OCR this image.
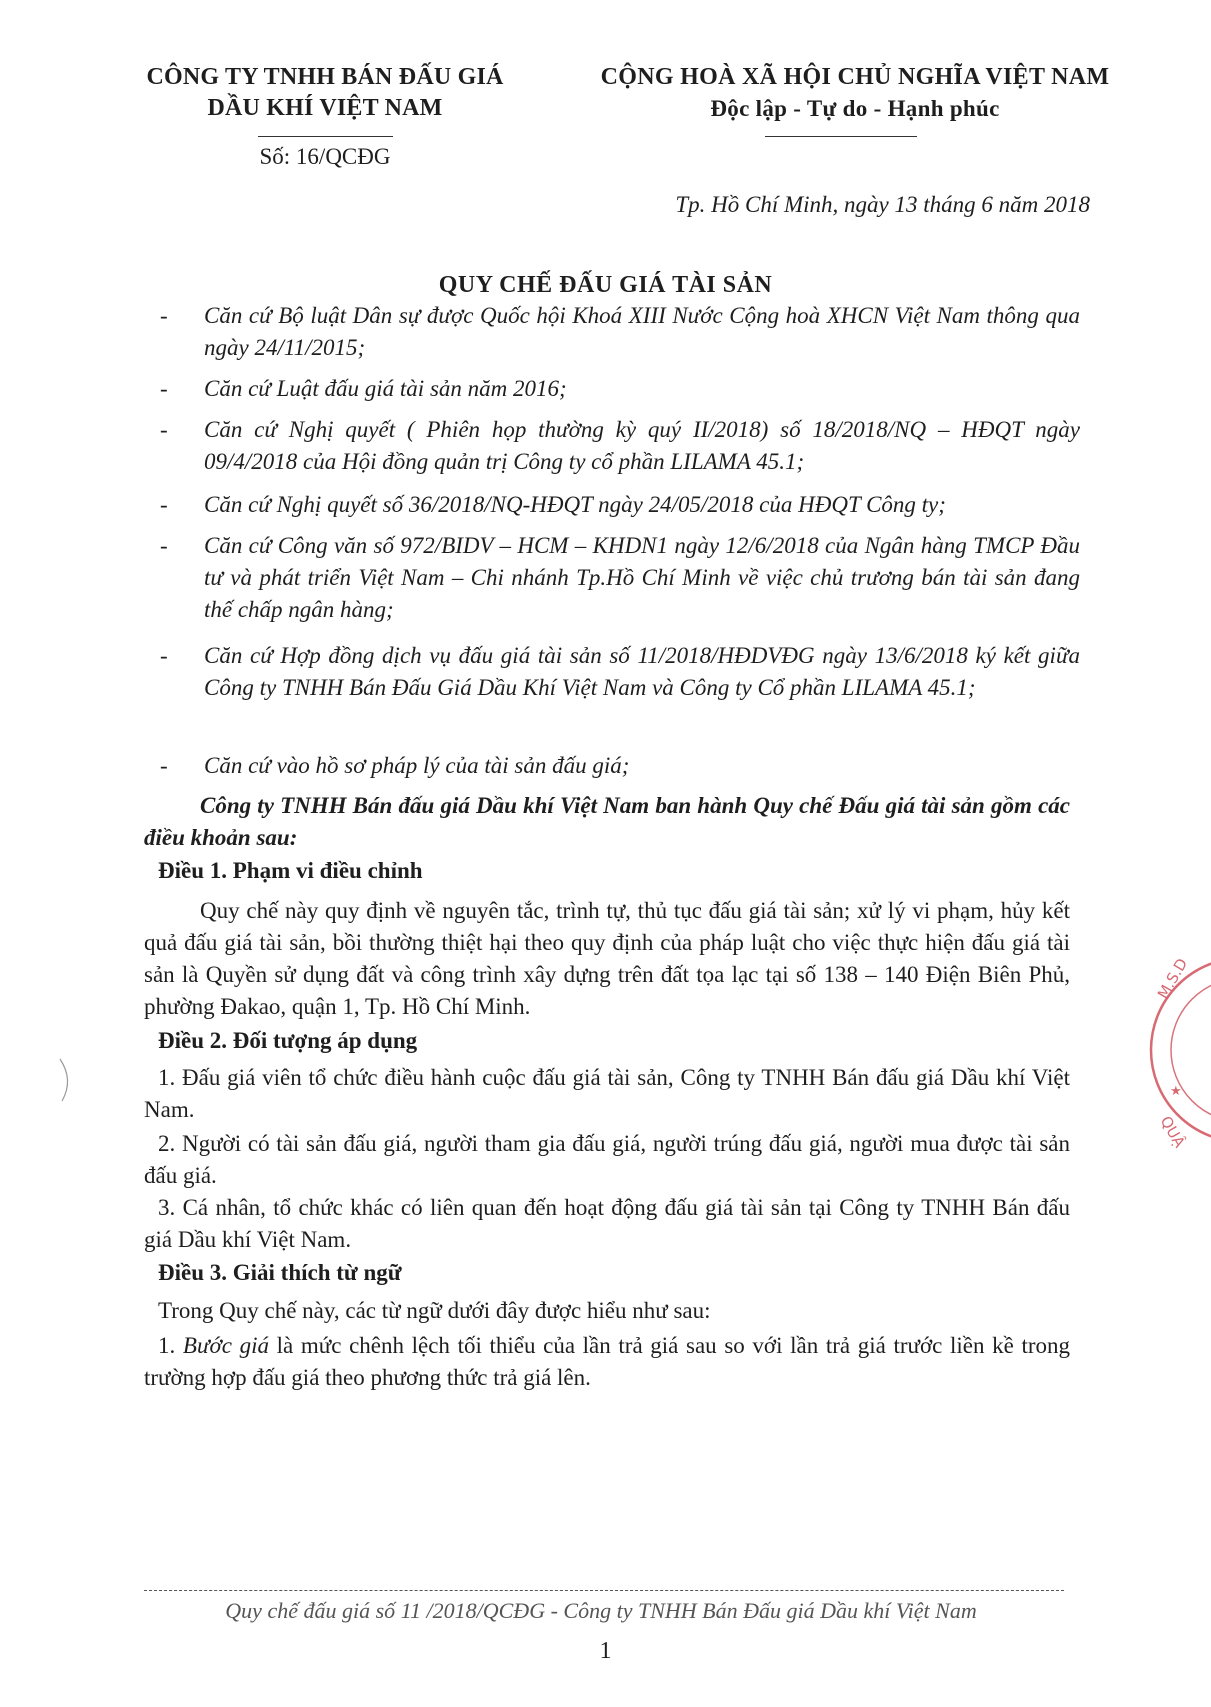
CÔNG TY TNHH BÁN ĐẤU GIÁ
DẦU KHÍ VIỆT NAM
Số: 16/QCĐG
CỘNG HOÀ XÃ HỘI CHỦ NGHĨA VIỆT NAM
Độc lập - Tự do - Hạnh phúc
Tp. Hồ Chí Minh, ngày 13 tháng 6 năm 2018
QUY CHẾ ĐẤU GIÁ TÀI SẢN
- Căn cứ Bộ luật Dân sự được Quốc hội Khoá XIII Nước Cộng hoà XHCN Việt Nam thông qua ngày 24/11/2015;
- Căn cứ Luật đấu giá tài sản năm 2016;
- Căn cứ Nghị quyết ( Phiên họp thường kỳ quý II/2018) số 18/2018/NQ – HĐQT ngày 09/4/2018 của Hội đồng quản trị Công ty cổ phần LILAMA 45.1;
- Căn cứ Nghị quyết số 36/2018/NQ-HĐQT ngày 24/05/2018 của HĐQT Công ty;
- Căn cứ Công văn số 972/BIDV – HCM – KHDN1 ngày 12/6/2018 của Ngân hàng TMCP Đầu tư và phát triển Việt Nam – Chi nhánh Tp.Hồ Chí Minh về việc chủ trương bán tài sản đang thế chấp ngân hàng;
- Căn cứ Hợp đồng dịch vụ đấu giá tài sản số 11/2018/HĐDVĐG ngày 13/6/2018 ký kết giữa Công ty TNHH Bán Đấu Giá Dầu Khí Việt Nam và Công ty Cổ phần LILAMA 45.1;
- Căn cứ vào hồ sơ pháp lý của tài sản đấu giá;
Công ty TNHH Bán đấu giá Dầu khí Việt Nam ban hành Quy chế Đấu giá tài sản gồm các điều khoản sau:
Điều 1. Phạm vi điều chỉnh
Quy chế này quy định về nguyên tắc, trình tự, thủ tục đấu giá tài sản; xử lý vi phạm, hủy kết quả đấu giá tài sản, bồi thường thiệt hại theo quy định của pháp luật cho việc thực hiện đấu giá tài sản là Quyền sử dụng đất và công trình xây dựng trên đất tọa lạc tại số 138 – 140 Điện Biên Phủ, phường Đakao, quận 1, Tp. Hồ Chí Minh.
Điều 2. Đối tượng áp dụng
1. Đấu giá viên tổ chức điều hành cuộc đấu giá tài sản, Công ty TNHH Bán đấu giá Dầu khí Việt Nam.
2. Người có tài sản đấu giá, người tham gia đấu giá, người trúng đấu giá, người mua được tài sản đấu giá.
3. Cá nhân, tổ chức khác có liên quan đến hoạt động đấu giá tài sản tại Công ty TNHH Bán đấu giá Dầu khí Việt Nam.
Điều 3. Giải thích từ ngữ
Trong Quy chế này, các từ ngữ dưới đây được hiểu như sau:
1. Bước giá là mức chênh lệch tối thiểu của lần trả giá sau so với lần trả giá trước liền kề trong trường hợp đấu giá theo phương thức trả giá lên.
Quy chế đấu giá số 11 /2018/QCĐG - Công ty TNHH Bán Đấu giá Dầu khí Việt Nam
1
M.S.D
★
QUẬ
